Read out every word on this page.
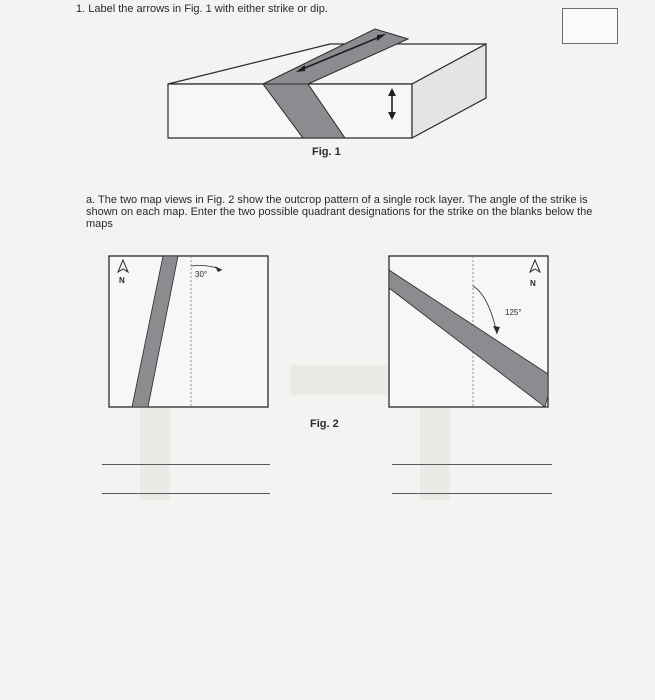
1. Label the arrows in Fig. 1 with either strike or dip.
Fig. 1
a. The two map views in Fig. 2 show the outcrop pattern of a single rock layer. The angle of the strike is shown on each map. Enter the two possible quadrant designations for the strike on the blanks below the maps
N
30°
N
125°
Fig. 2
